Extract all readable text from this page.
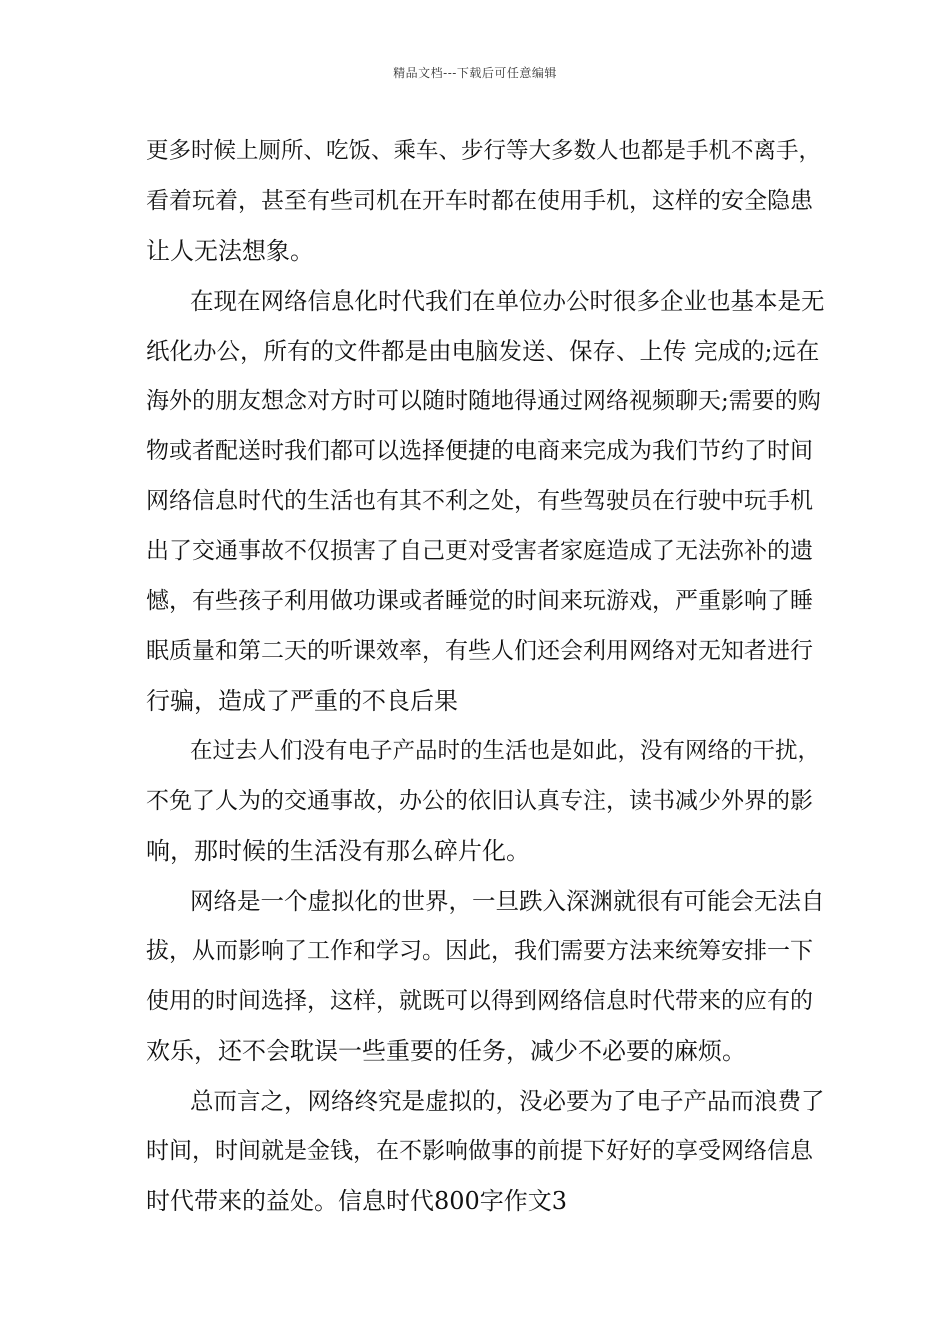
精品文档---下载后可任意编辑
更多时候上厕所、吃饭、乘车、步行等大多数人也都是手机不离手，
看着玩着，甚至有些司机在开车时都在使用手机，这样的安全隐患
让人无法想象。
在现在网络信息化时代我们在单位办公时很多企业也基本是无
纸化办公，所有的文件都是由电脑发送、保存、上传 完成的;远在
海外的朋友想念对方时可以随时随地得通过网络视频聊天;需要的购
物或者配送时我们都可以选择便捷的电商来完成为我们节约了时间
网络信息时代的生活也有其不利之处，有些驾驶员在行驶中玩手机
出了交通事故不仅损害了自己更对受害者家庭造成了无法弥补的遗
憾，有些孩子利用做功课或者睡觉的时间来玩游戏，严重影响了睡
眠质量和第二天的听课效率，有些人们还会利用网络对无知者进行
行骗，造成了严重的不良后果
在过去人们没有电子产品时的生活也是如此，没有网络的干扰，
不免了人为的交通事故，办公的依旧认真专注，读书减少外界的影
响，那时候的生活没有那么碎片化。
网络是一个虚拟化的世界，一旦跌入深渊就很有可能会无法自
拔，从而影响了工作和学习。因此，我们需要方法来统筹安排一下
使用的时间选择，这样，就既可以得到网络信息时代带来的应有的
欢乐，还不会耽误一些重要的任务，减少不必要的麻烦。
总而言之，网络终究是虚拟的，没必要为了电子产品而浪费了
时间，时间就是金钱，在不影响做事的前提下好好的享受网络信息
时代带来的益处。信息时代800字作文3
